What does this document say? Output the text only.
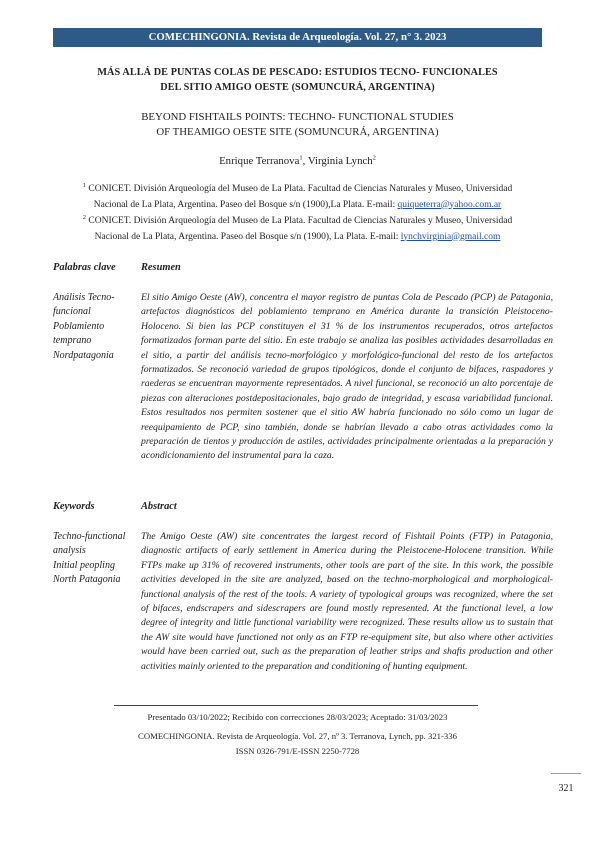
COMECHINGONIA. Revista de Arqueología. Vol. 27, n° 3. 2023
MÁS ALLÁ DE PUNTAS COLAS DE PESCADO: ESTUDIOS TECNO- FUNCIONALES
DEL SITIO AMIGO OESTE (SOMUNCURÁ, ARGENTINA)
BEYOND FISHTAILS POINTS: TECHNO- FUNCTIONAL STUDIES
OF THEAMIGO OESTE SITE (SOMUNCURÁ, ARGENTINA)
Enrique Terranova$^1$, Virginia Lynch$^2$
$^1$ CONICET. División Arqueología del Museo de La Plata. Facultad de Ciencias Naturales y Museo, Universidad
Nacional de La Plata, Argentina. Paseo del Bosque s/n (1900),La Plata. E-mail: quiqueterra@yahoo.com.ar
$^2$ CONICET. División Arqueología del Museo de La Plata. Facultad de Ciencias Naturales y Museo, Universidad
Nacional de La Plata, Argentina. Paseo del Bosque s/n (1900), La Plata. E-mail: lynchvirginia@gmail.com
Palabras clave Resumen
Análisis Tecno-
funcional
Poblamiento
temprano
Nordpatagonia
El sitio Amigo Oeste (AW), concentra el mayor registro de puntas Cola de Pescado (PCP) de Patagonia, artefactos diagnósticos del poblamiento temprano en América durante la transición Pleistoceno-Holoceno. Si bien las PCP constituyen el 31 % de los instrumentos recuperados, otros artefactos formatizados forman parte del sitio. En este trabajo se analiza las posibles actividades desarrolladas en el sitio, a partir del análisis tecno-morfológico y morfológico-funcional del resto de los artefactos formatizados. Se reconoció variedad de grupos tipológicos, donde el conjunto de bifaces, raspadores y raederas se encuentran mayormente representados. A nivel funcional, se reconoció un alto porcentaje de piezas con alteraciones postdepositacionales, bajo grado de integridad, y escasa variabilidad funcional. Estos resultados nos permiten sostener que el sitio AW habría funcionado no sólo como un lugar de reequipamiento de PCP, sino también, donde se habrían llevado a cabo otras actividades como la preparación de tientos y producción de astiles, actividades principalmente orientadas a la preparación y acondicionamiento del instrumental para la caza.
Keywords	Abstract
Techno-functional
analysis
Initial peopling
North Patagonia
The Amigo Oeste (AW) site concentrates the largest record of Fishtail Points (FTP) in Patagonia, diagnostic artifacts of early settlement in America during the Pleistocene-Holocene transition. While FTPs make up 31% of recovered instruments, other tools are part of the site. In this work, the possible activities developed in the site are analyzed, based on the techno-morphological and morphological-functional analysis of the rest of the tools. A variety of typological groups was recognized, where the set of bifaces, endscrapers and sidescrapers are found mostly represented. At the functional level, a low degree of integrity and little functional variability were recognized. These results allow us to sustain that the AW site would have functioned not only as an FTP re-equipment site, but also where other activities would have been carried out, such as the preparation of leather strips and shafts production and other activities mainly oriented to the preparation and conditioning of hunting equipment.
Presentado 03/10/2022; Recibido con correcciones 28/03/2023; Aceptado: 31/03/2023
COMECHINGONIA. Revista de Arqueología. Vol. 27, nº 3. Terranova, Lynch, pp. 321-336
ISSN 0326-791/E-ISSN 2250-7728
321
